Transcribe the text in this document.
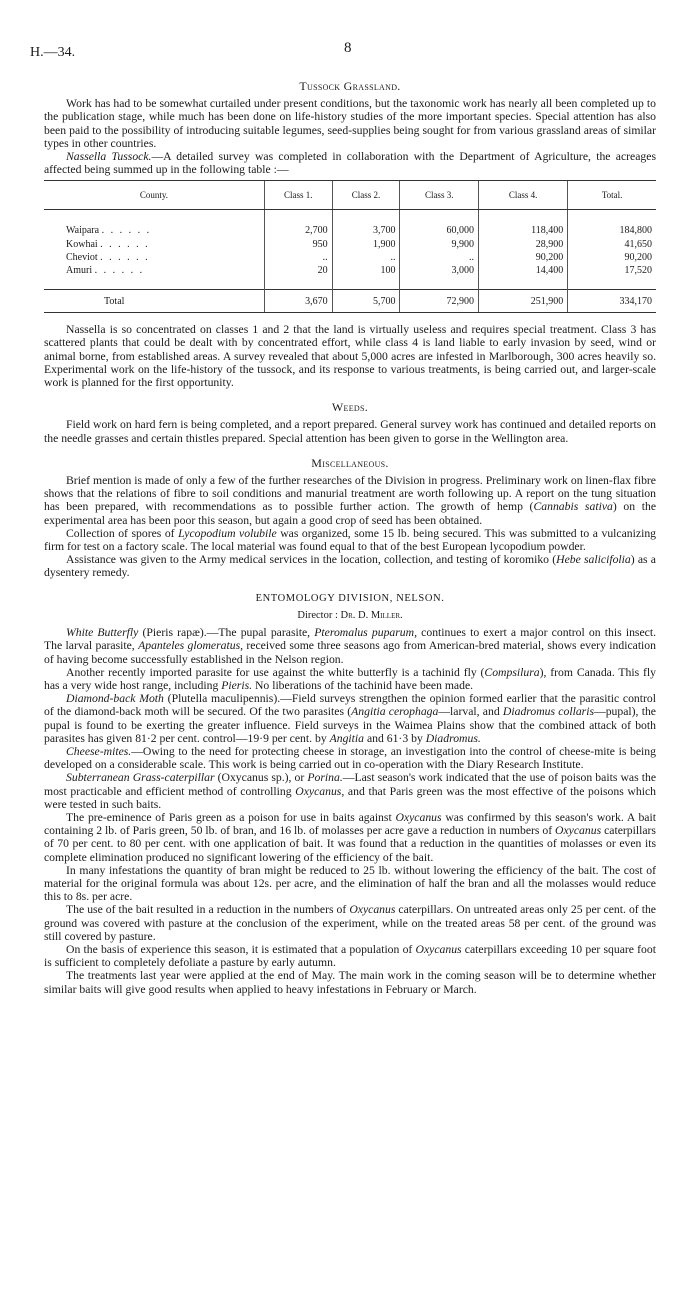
H.—34.	8
Tussock Grassland.

Work has had to be somewhat curtailed under present conditions, but the taxonomic work has nearly all been completed up to the publication stage, while much has been done on life-history studies of the more important species. Special attention has also been paid to the possibility of introducing suitable legumes, seed-supplies being sought for from various grassland areas of similar types in other countries.

Nassella Tussock.—A detailed survey was completed in collaboration with the Department of Agriculture, the acreages affected being summed up in the following table :—

County.	Class 1.	Class 2.	Class 3.	Class 4.	Total.
Waipara . . . . . .	2,700	3,700	60,000	118,400	184,800
Kowhai . . . . . .	950	1,900	9,900	28,900	41,650
Cheviot . . . . . .	..	..	..	90,200	90,200
Amuri . . . . . .	20	100	3,000	14,400	17,520
Total	3,670	5,700	72,900	251,900	334,170

Nassella is so concentrated on classes 1 and 2 that the land is virtually useless and requires special treatment. Class 3 has scattered plants that could be dealt with by concentrated effort, while class 4 is land liable to early invasion by seed, wind or animal borne, from established areas. A survey revealed that about 5,000 acres are infested in Marlborough, 300 acres heavily so. Experimental work on the life-history of the tussock, and its response to various treatments, is being carried out, and larger-scale work is planned for the first opportunity.

Weeds.

Field work on hard fern is being completed, and a report prepared. General survey work has continued and detailed reports on the needle grasses and certain thistles prepared. Special attention has been given to gorse in the Wellington area.

Miscellaneous.

Brief mention is made of only a few of the further researches of the Division in progress. Preliminary work on linen-flax fibre shows that the relations of fibre to soil conditions and manurial treatment are worth following up. A report on the tung situation has been prepared, with recommendations as to possible further action. The growth of hemp (Cannabis sativa) on the experimental area has been poor this season, but again a good crop of seed has been obtained.

Collection of spores of Lycopodium volubile was organized, some 15 lb. being secured. This was submitted to a vulcanizing firm for test on a factory scale. The local material was found equal to that of the best European lycopodium powder.

Assistance was given to the Army medical services in the location, collection, and testing of koromiko (Hebe salicifolia) as a dysentery remedy.

ENTOMOLOGY DIVISION, NELSON.
Director : Dr. D. Miller.

White Butterfly (Pieris rapæ).—The pupal parasite, Pteromalus puparum, continues to exert a major control on this insect. The larval parasite, Apanteles glomeratus, received some three seasons ago from American-bred material, shows every indication of having become successfully established in the Nelson region.

Another recently imported parasite for use against the white butterfly is a tachinid fly (Compsilura), from Canada. This fly has a very wide host range, including Pieris. No liberations of the tachinid have been made.

Diamond-back Moth (Plutella maculipennis).—Field surveys strengthen the opinion formed earlier that the parasitic control of the diamond-back moth will be secured. Of the two parasites (Angitia cerophaga—larval, and Diadromus collaris—pupal), the pupal is found to be exerting the greater influence. Field surveys in the Waimea Plains show that the combined attack of both parasites has given 81·2 per cent. control—19·9 per cent. by Angitia and 61·3 by Diadromus.

Cheese-mites.—Owing to the need for protecting cheese in storage, an investigation into the control of cheese-mite is being developed on a considerable scale. This work is being carried out in co-operation with the Diary Research Institute.

Subterranean Grass-caterpillar (Oxycanus sp.), or Porina.—Last season's work indicated that the use of poison baits was the most practicable and efficient method of controlling Oxycanus, and that Paris green was the most effective of the poisons which were tested in such baits.

The pre-eminence of Paris green as a poison for use in baits against Oxycanus was confirmed by this season's work. A bait containing 2 lb. of Paris green, 50 lb. of bran, and 16 lb. of molasses per acre gave a reduction in numbers of Oxycanus caterpillars of 70 per cent. to 80 per cent. with one application of bait. It was found that a reduction in the quantities of molasses or even its complete elimination produced no significant lowering of the efficiency of the bait.

In many infestations the quantity of bran might be reduced to 25 lb. without lowering the efficiency of the bait. The cost of material for the original formula was about 12s. per acre, and the elimination of half the bran and all the molasses would reduce this to 8s. per acre.

The use of the bait resulted in a reduction in the numbers of Oxycanus caterpillars. On untreated areas only 25 per cent. of the ground was covered with pasture at the conclusion of the experiment, while on the treated areas 58 per cent. of the ground was still covered by pasture.

On the basis of experience this season, it is estimated that a population of Oxycanus caterpillars exceeding 10 per square foot is sufficient to completely defoliate a pasture by early autumn.

The treatments last year were applied at the end of May. The main work in the coming season will be to determine whether similar baits will give good results when applied to heavy infestations in February or March.
